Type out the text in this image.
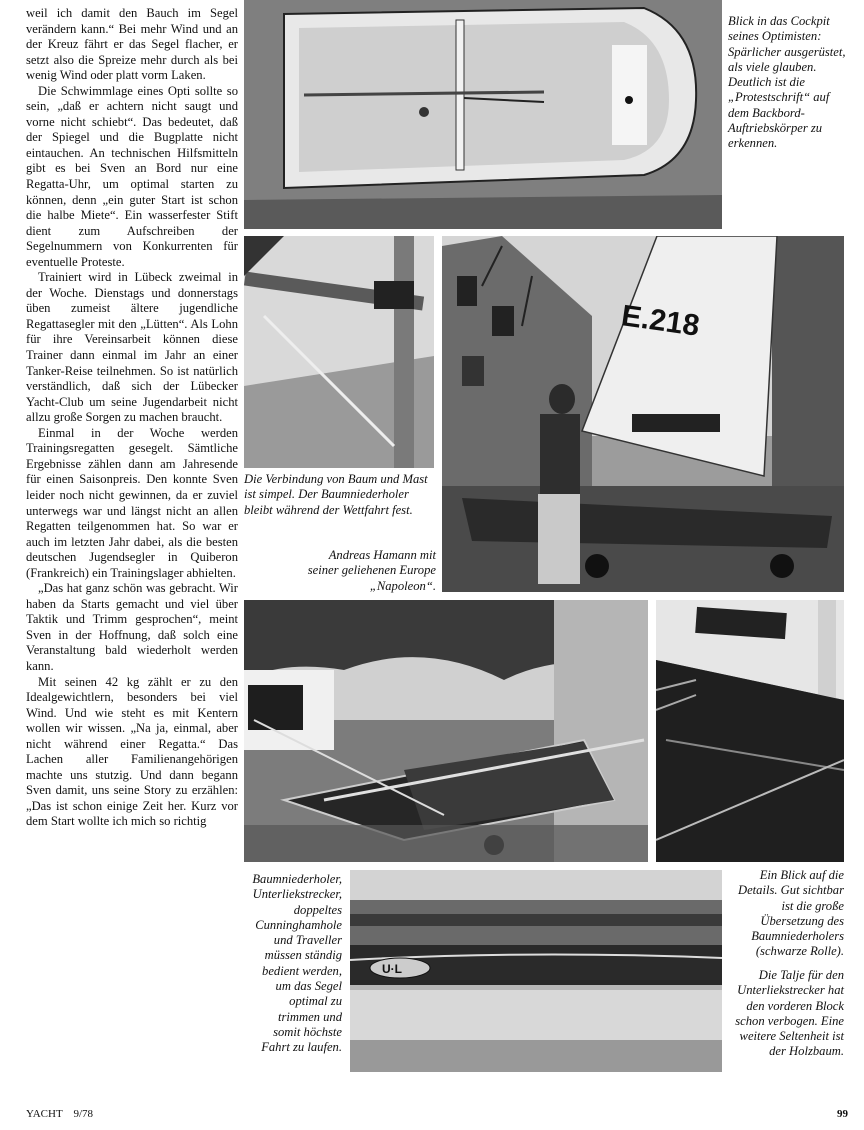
weil ich damit den Bauch im Segel verändern kann.“ Bei mehr Wind und an der Kreuz fährt er das Segel flacher, er setzt also die Spreize mehr durch als bei wenig Wind oder platt vorm Laken.

Die Schwimmlage eines Opti sollte so sein, „daß er achtern nicht saugt und vorne nicht schiebt“. Das bedeutet, daß der Spiegel und die Bugplatte nicht eintauchen. An technischen Hilfsmitteln gibt es bei Sven an Bord nur eine Regatta-Uhr, um optimal starten zu können, denn „ein guter Start ist schon die halbe Miete“. Ein wasserfester Stift dient zum Aufschreiben der Segelnummern von Konkurrenten für eventuelle Proteste.

Trainiert wird in Lübeck zweimal in der Woche. Dienstags und donnerstags üben zumeist ältere jugendliche Regattasegler mit den „Lütten“. Als Lohn für ihre Vereinsarbeit können diese Trainer dann einmal im Jahr an einer Tanker-Reise teilnehmen. So ist natürlich verständlich, daß sich der Lübecker Yacht-Club um seine Jugendarbeit nicht allzu große Sorgen zu machen braucht.

Einmal in der Woche werden Trainingsregatten gesegelt. Sämtliche Ergebnisse zählen dann am Jahresende für einen Saisonpreis. Den konnte Sven leider noch nicht gewinnen, da er zuviel unterwegs war und längst nicht an allen Regatten teilgenommen hat. So war er auch im letzten Jahr dabei, als die besten deutschen Jugendsegler in Quiberon (Frankreich) ein Trainingslager abhielten.

„Das hat ganz schön was gebracht. Wir haben da Starts gemacht und viel über Taktik und Trimm gesprochen“, meint Sven in der Hoffnung, daß solch eine Veranstaltung bald wiederholt werden kann.

Mit seinen 42 kg zählt er zu den Idealgewichtlern, besonders bei viel Wind. Und wie steht es mit Kentern wollen wir wissen. „Na ja, einmal, aber nicht während einer Regatta.“ Das Lachen aller Familienangehörigen machte uns stutzig. Und dann begann Sven damit, uns seine Story zu erzählen: „Das ist schon einige Zeit her. Kurz vor dem Start wollte ich mich so richtig

Blick in das Cockpit seines Optimisten: Spärlicher ausgerüstet, als viele glauben. Deutlich ist die „Protestschrift“ auf dem Backbord-Auftriebskörper zu erkennen.

Die Verbindung von Baum und Mast ist simpel. Der Baumniederholer bleibt während der Wettfahrt fest.

Andreas Hamann mit seiner geliehenen Europe „Napoleon“.

E.218
U·L

Baumniederholer, Unterliekstrecker, doppeltes Cunninghamhole und Traveller müssen ständig bedient werden, um das Segel optimal zu trimmen und somit höchste Fahrt zu laufen.

Ein Blick auf die Details. Gut sichtbar ist die große Übersetzung des Baumniederholers (schwarze Rolle).

Die Talje für den Unterliekstrecker hat den vorderen Block schon verbogen. Eine weitere Seltenheit ist der Holzbaum.

YACHT 9/78	99
